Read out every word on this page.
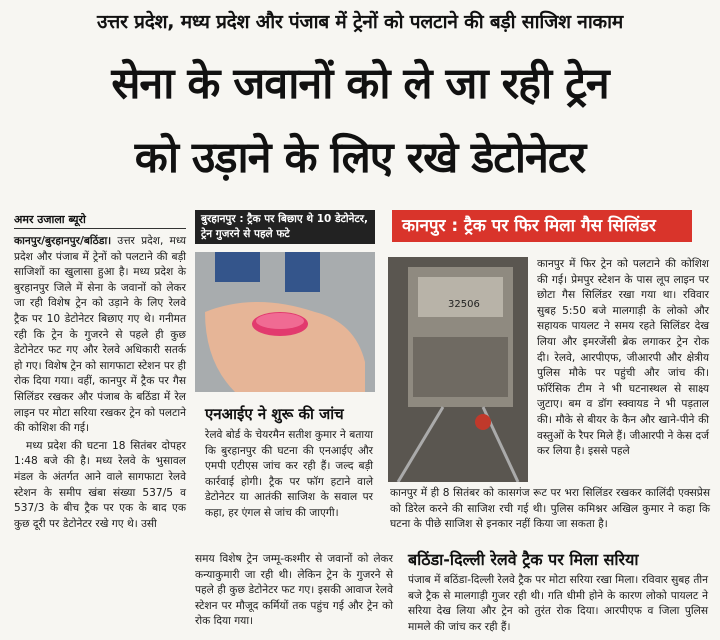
उत्तर प्रदेश, मध्य प्रदेश और पंजाब में ट्रेनों को पलटाने की बड़ी साजिश नाकाम
सेना के जवानों को ले जा रही ट्रेन
को उड़ाने के लिए रखे डेटोनेटर
अमर उजाला ब्यूरो
कानपुर/बुरहानपुर/बठिंडा। उत्तर प्रदेश, मध्य प्रदेश और पंजाब में ट्रेनों को पलटाने की बड़ी साजिशों का खुलासा हुआ है। मध्य प्रदेश के बुरहानपुर जिले में सेना के जवानों को लेकर जा रही विशेष ट्रेन को उड़ाने के लिए रेलवे ट्रैक पर 10 डेटोनेटर बिछाए गए थे। गनीमत रही कि ट्रेन के गुजरने से पहले ही कुछ डेटोनेटर फट गए और रेलवे अधिकारी सतर्क हो गए। विशेष ट्रेन को सागफाटा स्टेशन पर ही रोक दिया गया। वहीं, कानपुर में ट्रैक पर गैस सिलिंडर रखकर और पंजाब के बठिंडा में रेल लाइन पर मोटा सरिया रखकर ट्रेन को पलटाने की कोशिश की गई।
मध्य प्रदेश की घटना 18 सितंबर दोपहर 1:48 बजे की है। मध्य रेलवे के भुसावल मंडल के अंतर्गत आने वाले सागफाटा रेलवे स्टेशन के समीप खंबा संख्या 537/5 व 537/3 के बीच ट्रैक पर एक के बाद एक कुछ दूरी पर डेटोनेटर रखे गए थे। उसी
बुरहानपुर : ट्रैक पर बिछाए थे 10 डेटोनेटर, ट्रेन गुजरने से पहले फटे
एनआईए ने शुरू की जांच
रेलवे बोर्ड के चेयरमैन सतीश कुमार ने बताया कि बुरहानपुर की घटना की एनआईए और एमपी एटीएस जांच कर रही हैं। जल्द बड़ी कार्रवाई होगी। ट्रैक पर फॉग हटाने वाले डेटोनेटर या आतंकी साजिश के सवाल पर कहा, हर एंगल से जांच की जाएगी।
कानपुर : ट्रैक पर फिर मिला गैस सिलिंडर
32506
कानपुर में फिर ट्रेन को पलटाने की कोशिश की गई। प्रेमपुर स्टेशन के पास लूप लाइन पर छोटा गैस सिलिंडर रखा गया था। रविवार सुबह 5:50 बजे मालगाड़ी के लोको और सहायक पायलट ने समय रहते सिलिंडर देख लिया और इमरजेंसी ब्रेक लगाकर ट्रेन रोक दी। रेलवे, आरपीएफ, जीआरपी और क्षेत्रीय पुलिस मौके पर पहुंची और जांच की। फॉरेंसिक टीम ने भी घटनास्थल से साक्ष्य जुटाए। बम व डॉग स्क्वायड ने भी पड़ताल की। मौके से बीयर के कैन और खाने-पीने की वस्तुओं के रैपर मिले हैं। जीआरपी ने केस दर्ज कर लिया है। इससे पहले
कानपुर में ही 8 सितंबर को कासगंज रूट पर भरा सिलिंडर रखकर कालिंदी एक्सप्रेस को डिरेल करने की साजिश रची गई थी। पुलिस कमिश्नर अखिल कुमार ने कहा कि घटना के पीछे साजिश से इनकार नहीं किया जा सकता है।
समय विशेष ट्रेन जम्मू-कश्मीर से जवानों को लेकर कन्याकुमारी जा रही थी। लेकिन ट्रेन के गुजरने से पहले ही कुछ डेटोनेटर फट गए। इसकी आवाज रेलवे स्टेशन पर मौजूद कर्मियों तक पहुंच गई और ट्रेन को रोक दिया गया।
बठिंडा-दिल्ली रेलवे ट्रैक पर मिला सरिया
पंजाब में बठिंडा-दिल्ली रेलवे ट्रैक पर मोटा सरिया रखा मिला। रविवार सुबह तीन बजे ट्रैक से मालगाड़ी गुजर रही थी। गति धीमी होने के कारण लोको पायलट ने सरिया देख लिया और ट्रेन को तुरंत रोक दिया। आरपीएफ व जिला पुलिस मामले की जांच कर रही हैं।
